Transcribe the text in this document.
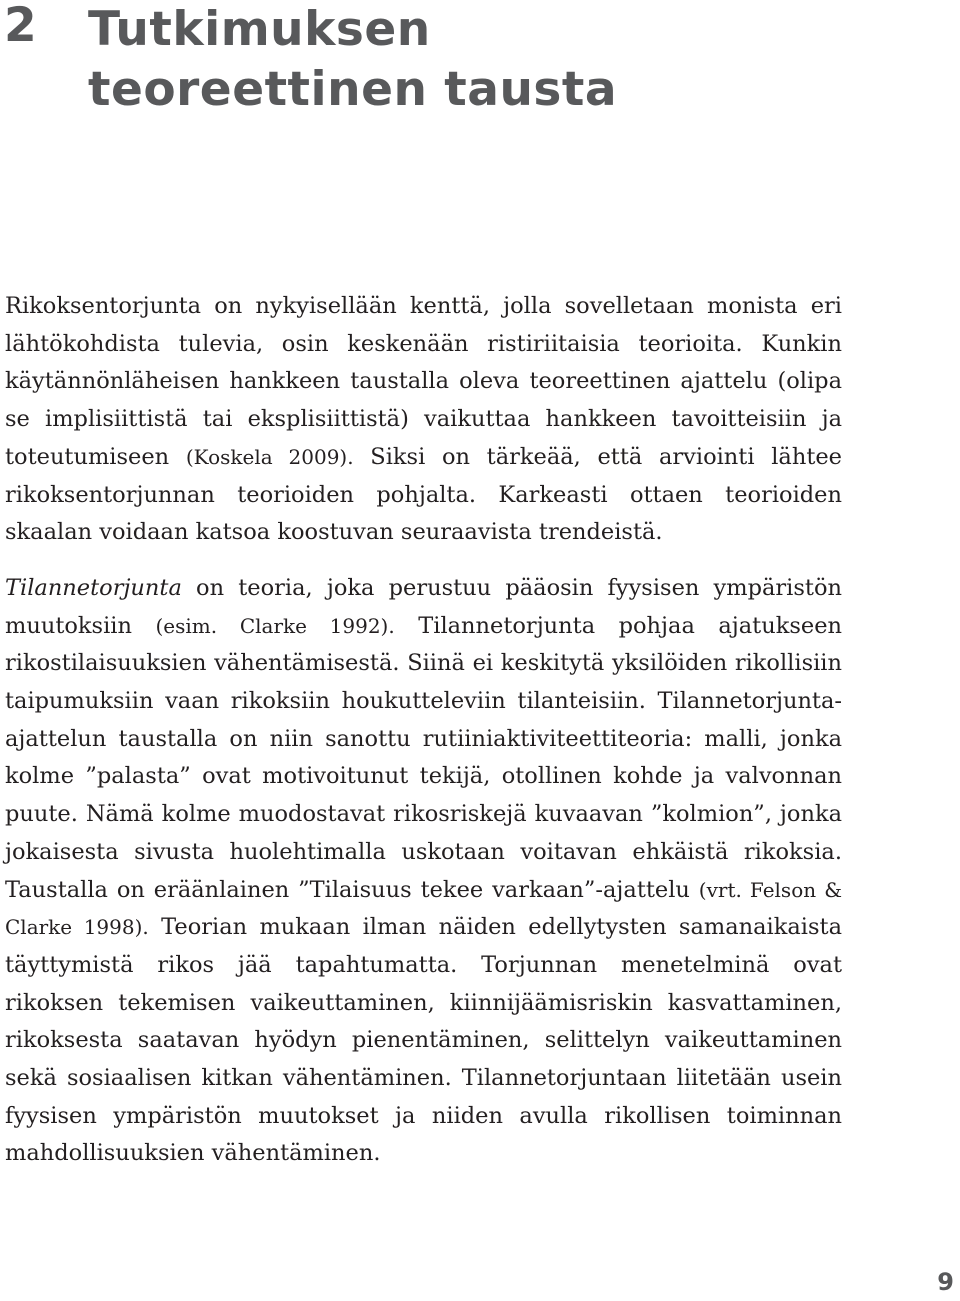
2 Tutkimuksen teoreettinen tausta

Rikoksentorjunta on nykyisellään kenttä, jolla sovelletaan monista eri lähtökohdista tulevia, osin keskenään ristiriitaisia teorioita. Kunkin käytännönläheisen hankkeen taustalla oleva teoreettinen ajattelu (olipa se implisiittistä tai eksplisiittistä) vaikuttaa hankkeen tavoitteisiin ja toteutumiseen (Koskela 2009). Siksi on tärkeää, että arviointi lähtee rikoksentorjunnan teorioiden pohjalta. Karkeasti ottaen teorioiden skaalan voidaan katsoa koostuvan seuraavista trendeistä.

Tilannetorjunta on teoria, joka perustuu pääosin fyysisen ympäristön muutoksiin (esim. Clarke 1992). Tilannetorjunta pohjaa ajatukseen rikostilaisuuksien vähentämisestä. Siinä ei keskitytä yksilöiden rikollisiin taipumuksiin vaan rikoksiin houkutteleviin tilanteisiin. Tilannetorjunta-ajattelun taustalla on niin sanottu rutiiniaktiviteettiteoria: malli, jonka kolme ”palasta” ovat motivoitunut tekijä, otollinen kohde ja valvonnan puute. Nämä kolme muodostavat rikosriskejä kuvaavan ”kolmion”, jonka jokaisesta sivusta huolehtimalla uskotaan voitavan ehkäistä rikoksia. Taustalla on eräänlainen ”Tilaisuus tekee varkaan”-ajattelu (vrt. Felson & Clarke 1998). Teorian mukaan ilman näiden edellytysten samanaikaista täyttymistä rikos jää tapahtumatta. Torjunnan menetelminä ovat rikoksen tekemisen vaikeuttaminen, kiinnijäämisriskin kasvattaminen, rikoksesta saatavan hyödyn pienentäminen, selittelyn vaikeuttaminen sekä sosiaalisen kitkan vähentäminen. Tilannetorjuntaan liitetään usein fyysisen ympäristön muutokset ja niiden avulla rikollisen toiminnan mahdollisuuksien vähentäminen.

9
